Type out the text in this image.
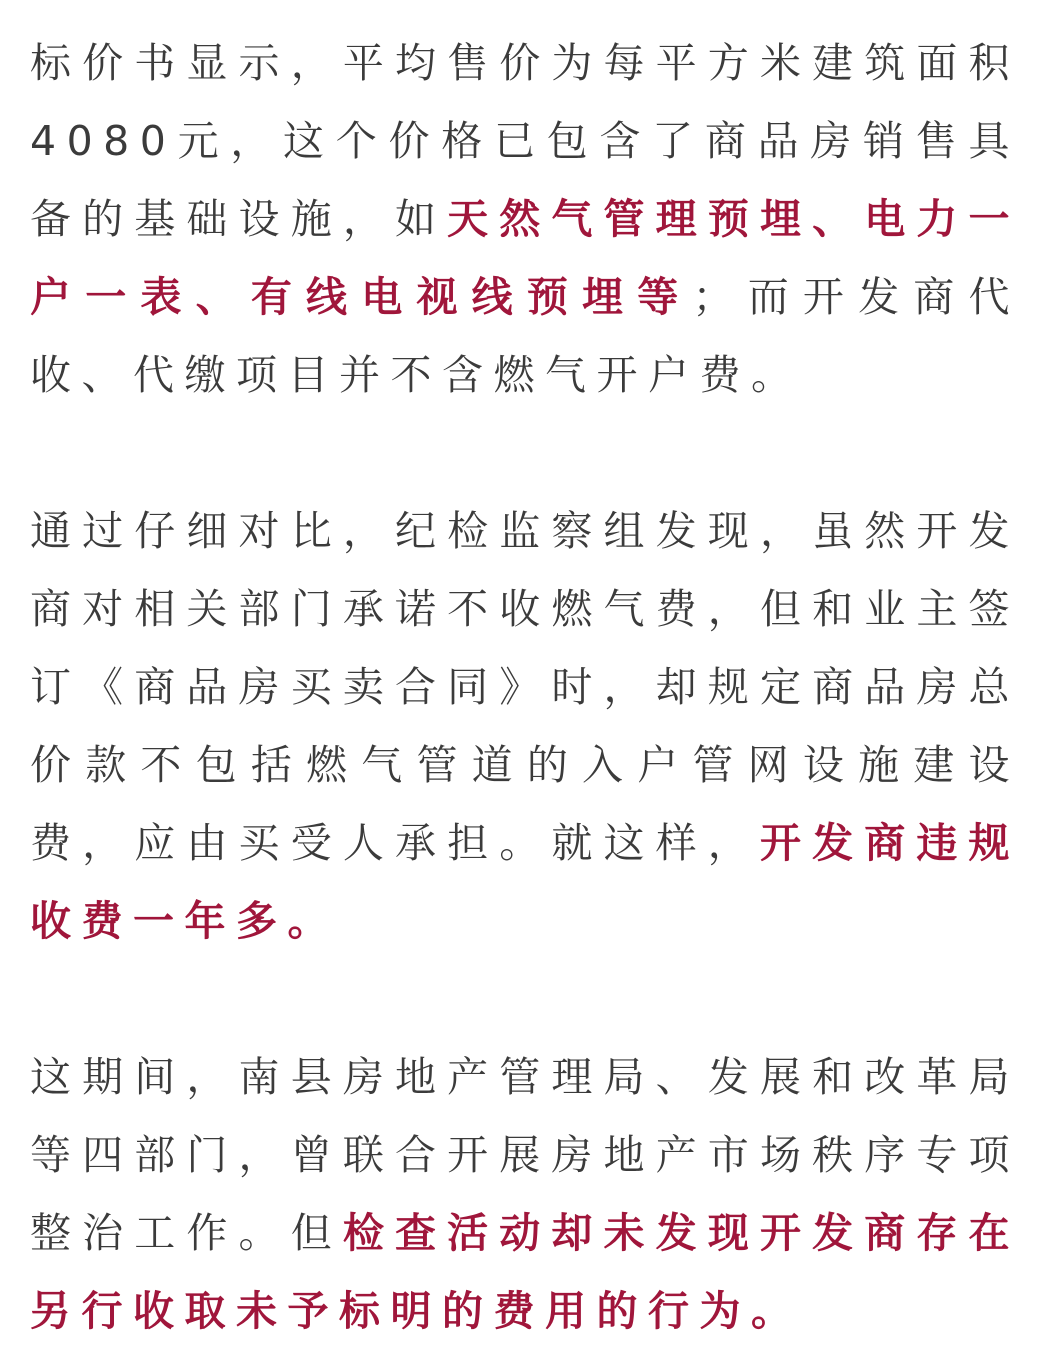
标价书显示，平均售价为每平方米建筑面积4080元，这个价格已包含了商品房销售具备的基础设施，如天然气管理预埋、电力一户一表、有线电视线预埋等；而开发商代收、代缴项目并不含燃气开户费。

通过仔细对比，纪检监察组发现，虽然开发商对相关部门承诺不收燃气费，但和业主签订《商品房买卖合同》时，却规定商品房总价款不包括燃气管道的入户管网设施建设费，应由买受人承担。就这样，开发商违规收费一年多。

这期间，南县房地产管理局、发展和改革局等四部门，曾联合开展房地产市场秩序专项整治工作。但检查活动却未发现开发商存在另行收取未予标明的费用的行为。
